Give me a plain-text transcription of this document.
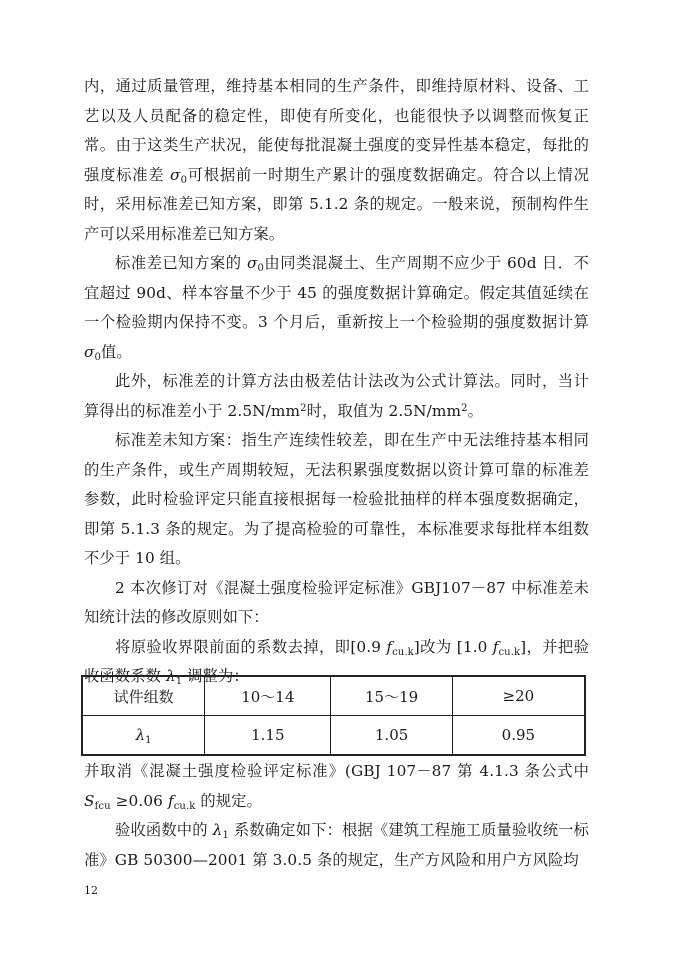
内，通过质量管理，维持基本相同的生产条件，即维持原材料、设备、工艺以及人员配备的稳定性，即使有所变化，也能很快予以调整而恢复正常。由于这类生产状况，能使每批混凝土强度的变异性基本稳定，每批的强度标准差 $\sigma_0$可根据前一时期生产累计的强度数据确定。符合以上情况时，采用标准差已知方案，即第 5.1.2 条的规定。一般来说，预制构件生产可以采用标准差已知方案。

标准差已知方案的 $\sigma_0$由同类混凝土、生产周期不应少于 60d 日．不宜超过 90d、样本容量不少于 45 的强度数据计算确定。假定其值延续在一个检验期内保持不变。3 个月后，重新按上一个检验期的强度数据计算 $\sigma_0$值。

此外，标准差的计算方法由极差估计法改为公式计算法。同时，当计算得出的标准差小于 $2.5N/mm^2$时，取值为 $2.5N/mm^2$。

标准差未知方案：指生产连续性较差，即在生产中无法维持基本相同的生产条件，或生产周期较短，无法积累强度数据以资计算可靠的标准差参数，此时检验评定只能直接根据每一检验批抽样的样本强度数据确定，即第 5.1.3 条的规定。为了提高检验的可靠性，本标准要求每批样本组数不少于 10 组。

2 本次修订对《混凝土强度检验评定标准》GBJ107－87 中标准差未知统计法的修改原则如下：

将原验收界限前面的系数去掉，即[0.9 $f_{cu.k}$]改为 [1.0 $f_{cu.k}$]，并把验收函数系数 $\lambda_1$ 调整为：

试件组数	10～14	15～19	≥20
$\lambda_1$	1.15	1.05	0.95

并取消《混凝土强度检验评定标准》(GBJ 107－87 第 4.1.3 条公式中 $S_{fcu} \ge 0.06$ $f_{cu.k}$ 的规定。

验收函数中的 $\lambda_1$ 系数确定如下：根据《建筑工程施工质量验收统一标准》GB 50300—2001 第 3.0.5 条的规定，生产方风险和用户方风险均

12
